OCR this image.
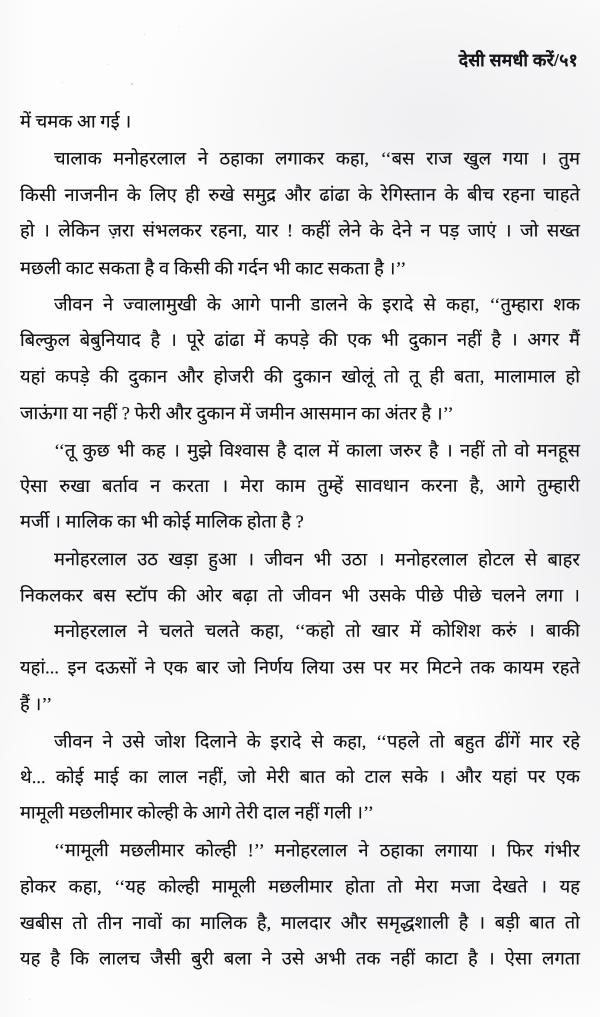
देसी समधी करें/५१
में चमक आ गई ।
चालाक मनोहरलाल ने ठहाका लगाकर कहा, ‘‘बस राज खुल गया । तुम
किसी नाजनीन के लिए ही रुखे समुद्र और ढांढा के रेगिस्तान के बीच रहना चाहते
हो । लेकिन ज़रा संभलकर रहना, यार ! कहीं लेने के देने न पड़ जाएं । जो सख्त
मछली काट सकता है व किसी की गर्दन भी काट सकता है ।’’
जीवन ने ज्वालामुखी के आगे पानी डालने के इरादे से कहा, ‘‘तुम्हारा शक
बिल्कुल बेबुनियाद है । पूरे ढांढा में कपड़े की एक भी दुकान नहीं है । अगर मैं
यहां कपड़े की दुकान और होजरी की दुकान खोलूं तो तू ही बता, मालामाल हो
जाऊंगा या नहीं ? फेरी और दुकान में जमीन आसमान का अंतर है ।’’
‘‘तू कुछ भी कह । मुझे विश्वास है दाल में काला जरुर है । नहीं तो वो मनहूस
ऐसा रुखा बर्ताव न करता । मेरा काम तुम्हें सावधान करना है, आगे तुम्हारी
मर्जी । मालिक का भी कोई मालिक होता है ?
मनोहरलाल उठ खड़ा हुआ । जीवन भी उठा । मनोहरलाल होटल से बाहर
निकलकर बस स्टॉप की ओर बढ़ा तो जीवन भी उसके पीछे पीछे चलने लगा ।
मनोहरलाल ने चलते चलते कहा, ‘‘कहो तो खार में कोशिश करुं । बाकी
यहां... इन दऊसों ने एक बार जो निर्णय लिया उस पर मर मिटने तक कायम रहते
हैं ।’’
जीवन ने उसे जोश दिलाने के इरादे से कहा, ‘‘पहले तो बहुत ढींगें मार रहे
थे... कोई माई का लाल नहीं, जो मेरी बात को टाल सके । और यहां पर एक
मामूली मछलीमार कोल्ही के आगे तेरी दाल नहीं गली ।’’
‘‘मामूली मछलीमार कोल्ही !’’ मनोहरलाल ने ठहाका लगाया । फिर गंभीर
होकर कहा, ‘‘यह कोल्ही मामूली मछलीमार होता तो मेरा मजा देखते । यह
खबीस तो तीन नावों का मालिक है, मालदार और समृद्धशाली है । बड़ी बात तो
यह है कि लालच जैसी बुरी बला ने उसे अभी तक नहीं काटा है । ऐसा लगता
